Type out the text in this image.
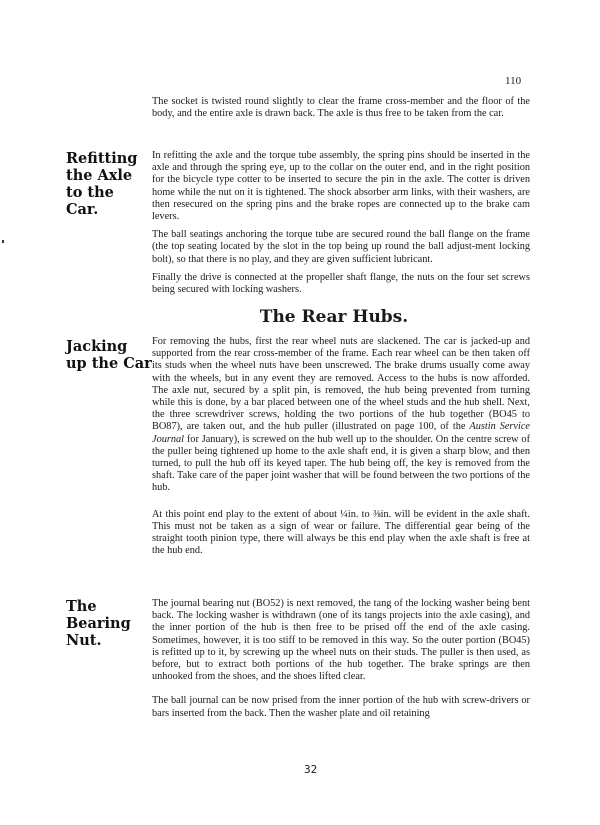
110

The socket is twisted round slightly to clear the frame cross-member and the floor of the body, and the entire axle is drawn back. The axle is thus free to be taken from the car.

Refitting
the Axle
to the
Car.

In refitting the axle and the torque tube assembly, the spring pins should be inserted in the axle and through the spring eye, up to the collar on the outer end, and in the right position for the bicycle type cotter to be inserted to secure the pin in the axle. The cotter is driven home while the nut on it is tightened. The shock absorber arm links, with their washers, are then resecured on the spring pins and the brake ropes are connected up to the brake cam levers.

The ball seatings anchoring the torque tube are secured round the ball flange on the frame (the top seating located by the slot in the top being up round the ball adjust-ment locking bolt), so that there is no play, and they are given sufficient lubricant.

Finally the drive is connected at the propeller shaft flange, the nuts on the four set screws being secured with locking washers.

The Rear Hubs.
Jacking
up the Car

For removing the hubs, first the rear wheel nuts are slackened. The car is jacked-up and supported from the rear cross-member of the frame. Each rear wheel can be then taken off its studs when the wheel nuts have been unscrewed. The brake drums usually come away with the wheels, but in any event they are removed. Access to the hubs is now afforded. The axle nut, secured by a split pin, is removed, the hub being prevented from turning while this is done, by a bar placed between one of the wheel studs and the hub shell. Next, the three screwdriver screws, holding the two portions of the hub together (BO45 to BO87), are taken out, and the hub puller (illustrated on page 100, of the Austin Service Journal for January), is screwed on the hub well up to the shoulder. On the centre screw of the puller being tightened up home to the axle shaft end, it is given a sharp blow, and then turned, to pull the hub off its keyed taper. The hub being off, the key is removed from the shaft. Take care of the paper joint washer that will be found between the two portions of the hub.

At this point end play to the extent of about ¼in. to ⅜in. will be evident in the axle shaft. This must not be taken as a sign of wear or failure. The differential gear being of the straight tooth pinion type, there will always be this end play when the axle shaft is free at the hub end.

The
Bearing
Nut.

The journal bearing nut (BO52) is next removed, the tang of the locking washer being bent back. The locking washer is withdrawn (one of its tangs projects into the axle casing), and the inner portion of the hub is then free to be prised off the end of the axle casing. Sometimes, however, it is too stiff to be removed in this way. So the outer portion (BO45) is refitted up to it, by screwing up the wheel nuts on their studs. The puller is then used, as before, but to extract both portions of the hub together. The brake springs are then unhooked from the shoes, and the shoes lifted clear.

The ball journal can be now prised from the inner portion of the hub with screw-drivers or bars inserted from the back. Then the washer plate and oil retaining

32
